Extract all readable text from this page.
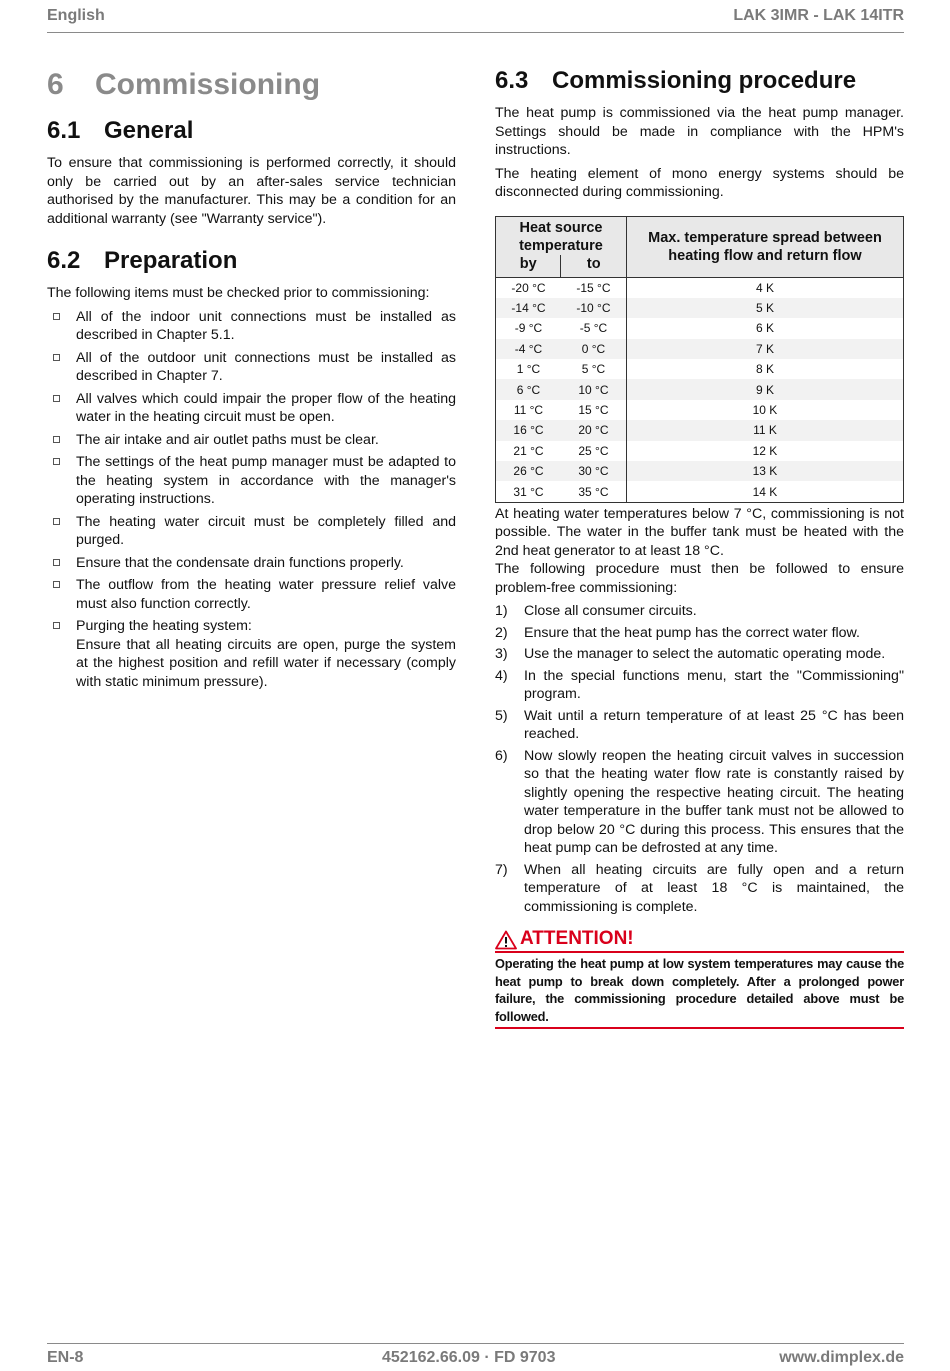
English	LAK 3IMR - LAK 14ITR
6	Commissioning
6.1 General
To ensure that commissioning is performed correctly, it should only be carried out by an after-sales service technician authorised by the manufacturer. This may be a condition for an additional warranty (see "Warranty service").
6.2 Preparation
The following items must be checked prior to commissioning:
All of the indoor unit connections must be installed as described in Chapter 5.1.
All of the outdoor unit connections must be installed as described in Chapter 7.
All valves which could impair the proper flow of the heating water in the heating circuit must be open.
The air intake and air outlet paths must be clear.
The settings of the heat pump manager must be adapted to the heating system in accordance with the manager's operating instructions.
The heating water circuit must be completely filled and purged.
Ensure that the condensate drain functions properly.
The outflow from the heating water pressure relief valve must also function correctly.
Purging the heating system:
Ensure that all heating circuits are open, purge the system at the highest position and refill water if necessary (comply with static minimum pressure).
6.3 Commissioning procedure
The heat pump is commissioned via the heat pump manager. Settings should be made in compliance with the HPM's instructions.
The heating element of mono energy systems should be disconnected during commissioning.
Heat source temperature		Max. temperature spread between heating flow and return flow
by	to	
-20 °C	-15 °C	4 K
-14 °C	-10 °C	5 K
-9 °C	-5 °C	6 K
-4 °C	0 °C	7 K
1 °C	5 °C	8 K
6 °C	10 °C	9 K
11 °C	15 °C	10 K
16 °C	20 °C	11 K
21 °C	25 °C	12 K
26 °C	30 °C	13 K
31 °C	35 °C	14 K
At heating water temperatures below 7 °C, commissioning is not possible. The water in the buffer tank must be heated with the 2nd heat generator to at least 18 °C.
The following procedure must then be followed to ensure problem-free commissioning:
1)	Close all consumer circuits.
2)	Ensure that the heat pump has the correct water flow.
3)	Use the manager to select the automatic operating mode.
4)	In the special functions menu, start the "Commissioning" program.
5)	Wait until a return temperature of at least 25 °C has been reached.
6)	Now slowly reopen the heating circuit valves in succession so that the heating water flow rate is constantly raised by slightly opening the respective heating circuit. The heating water temperature in the buffer tank must not be allowed to drop below 20 °C during this process. This ensures that the heat pump can be defrosted at any time.
7)	When all heating circuits are fully open and a return temperature of at least 18 °C is maintained, the commissioning is complete.
ATTENTION!
Operating the heat pump at low system temperatures may cause the heat pump to break down completely. After a prolonged power failure, the commissioning procedure detailed above must be followed.
EN-8	452162.66.09 · FD 9703	www.dimplex.de
